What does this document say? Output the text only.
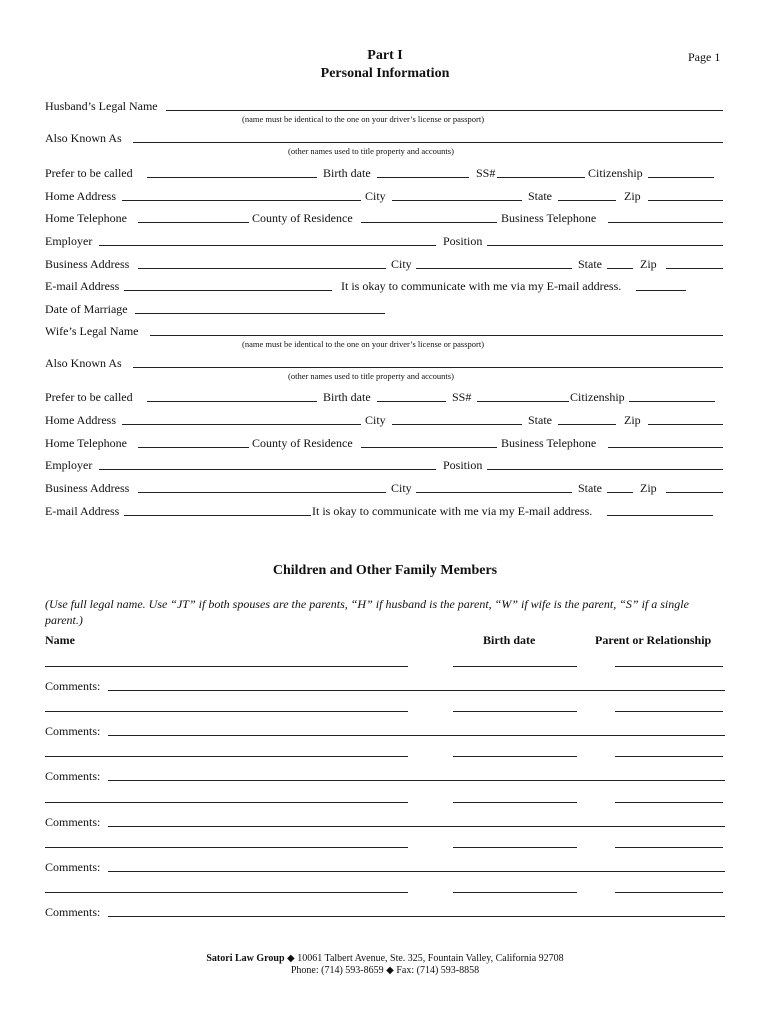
Part I
Personal Information
Page 1
Husband’s Legal Name
(name must be identical to the one on your driver’s license or passport)
Also Known As
(other names used to title property and accounts)
Prefer to be called	Birth date	SS#	Citizenship
Home Address	City	State	Zip
Home Telephone	County of Residence	Business Telephone
Employer	Position
Business Address	City	State	Zip
E-mail Address	It is okay to communicate with me via my E-mail address.
Date of Marriage
Wife’s Legal Name
(name must be identical to the one on your driver’s license or passport)
Also Known As
(other names used to title property and accounts)
Prefer to be called	Birth date	SS#	Citizenship
Home Address	City	State	Zip
Home Telephone	County of Residence	Business Telephone
Employer	Position
Business Address	City	State	Zip
E-mail Address	It is okay to communicate with me via my E-mail address.
Children and Other Family Members
(Use full legal name. Use “JT” if both spouses are the parents, “H” if husband is the parent, “W” if wife is the parent, “S” if a single parent.)
Name	Birth date	Parent or Relationship
Comments:
Comments:
Comments:
Comments:
Comments:
Comments:
Satori Law Group ◆ 10061 Talbert Avenue, Ste. 325, Fountain Valley, California 92708
Phone: (714) 593-8659 ◆ Fax: (714) 593-8858
